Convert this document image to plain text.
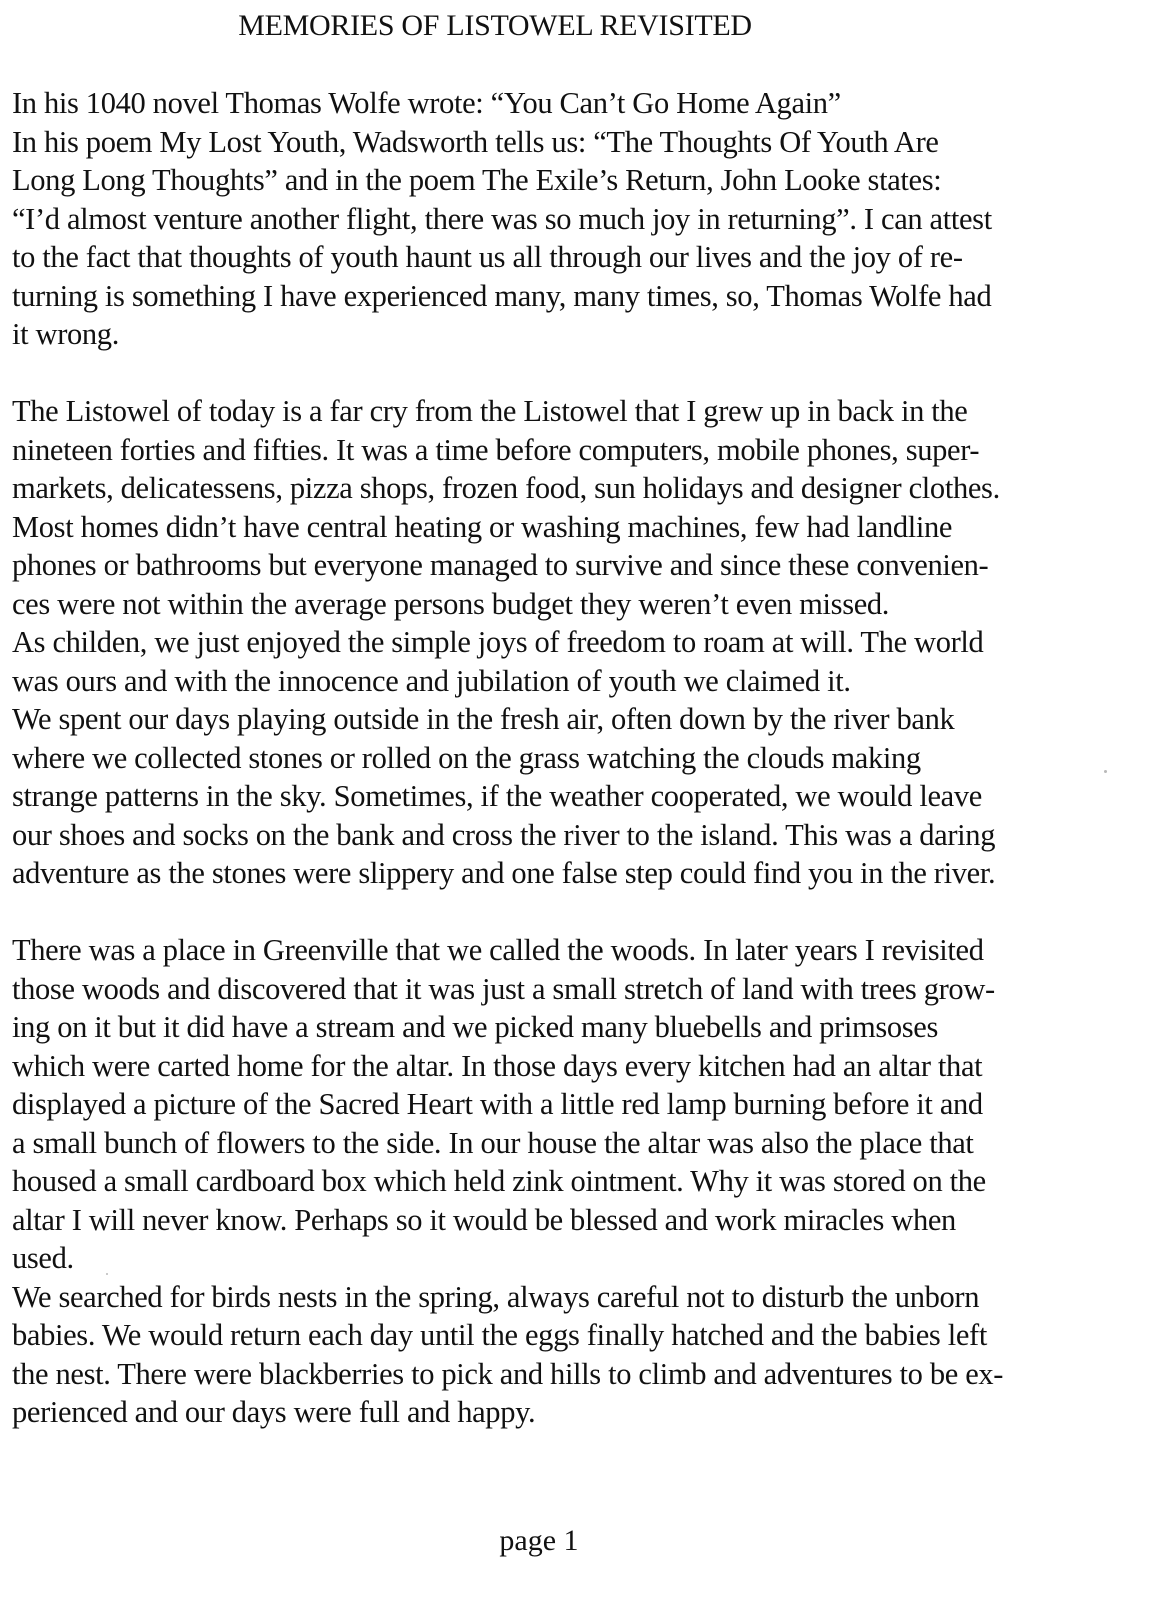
MEMORIES OF LISTOWEL REVISITED
In his 1040 novel Thomas Wolfe wrote: “You Can’t Go Home Again”
In his poem My Lost Youth, Wadsworth tells us: “The Thoughts Of Youth Are
Long Long Thoughts” and in the poem The Exile’s Return, John Looke states:
“I’d almost venture another flight, there was so much joy in returning”. I can attest
to the fact that thoughts of youth haunt us all through our lives and the joy of re-
turning is something I have experienced many, many times, so, Thomas Wolfe had
it wrong.
The Listowel of today is a far cry from the Listowel that I grew up in back in the
nineteen forties and fifties. It was a time before computers, mobile phones, super-
markets, delicatessens, pizza shops, frozen food, sun holidays and designer clothes.
Most homes didn’t have central heating or washing machines, few had landline
phones or bathrooms but everyone managed to survive and since these convenien-
ces were not within the average persons budget they weren’t even missed.
As childen, we just enjoyed the simple joys of freedom to roam at will. The world
was ours and with the innocence and jubilation of youth we claimed it.
We spent our days playing outside in the fresh air, often down by the river bank
where we collected stones or rolled on the grass watching the clouds making
strange patterns in the sky. Sometimes, if the weather cooperated, we would leave
our shoes and socks on the bank and cross the river to the island. This was a daring
adventure as the stones were slippery and one false step could find you in the river.
There was a place in Greenville that we called the woods. In later years I revisited
those woods and discovered that it was just a small stretch of land with trees grow-
ing on it but it did have a stream and we picked many bluebells and primsoses
which were carted home for the altar. In those days every kitchen had an altar that
displayed a picture of the Sacred Heart with a little red lamp burning before it and
a small bunch of flowers to the side. In our house the altar was also the place that
housed a small cardboard box which held zink ointment. Why it was stored on the
altar I will never know. Perhaps so it would be blessed and work miracles when
used.
We searched for birds nests in the spring, always careful not to disturb the unborn
babies. We would return each day until the eggs finally hatched and the babies left
the nest. There were blackberries to pick and hills to climb and adventures to be ex-
perienced and our days were full and happy.
page 1
